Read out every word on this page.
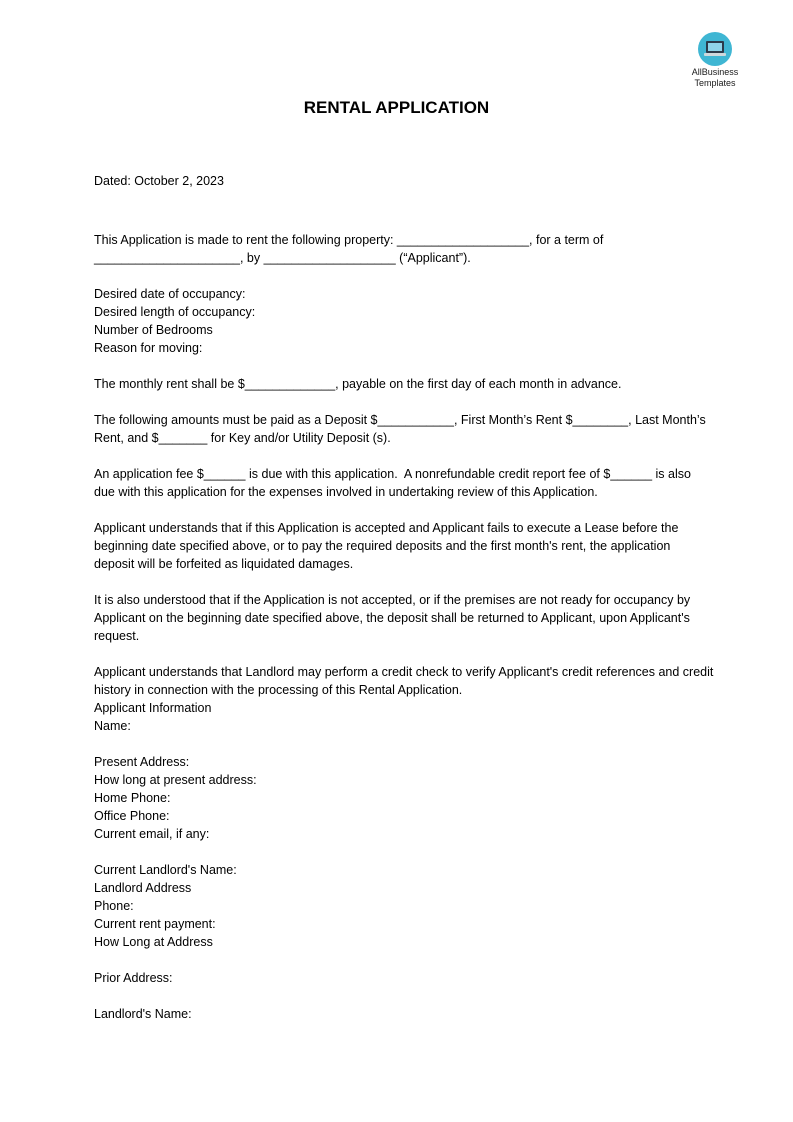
AllBusiness
Templates
RENTAL APPLICATION
Dated: October 2, 2023
This Application is made to rent the following property: ___________________, for a term of _____________________, by ___________________ (“Applicant”).
Desired date of occupancy:
Desired length of occupancy:
Number of Bedrooms
Reason for moving:
The monthly rent shall be $_____________, payable on the first day of each month in advance.
The following amounts must be paid as a Deposit $___________, First Month’s Rent $________, Last Month’s Rent, and $_______ for Key and/or Utility Deposit (s).
An application fee $______ is due with this application.  A nonrefundable credit report fee of $______ is also due with this application for the expenses involved in undertaking review of this Application.
Applicant understands that if this Application is accepted and Applicant fails to execute a Lease before the beginning date specified above, or to pay the required deposits and the first month's rent, the application deposit will be forfeited as liquidated damages.
It is also understood that if the Application is not accepted, or if the premises are not ready for occupancy by Applicant on the beginning date specified above, the deposit shall be returned to Applicant, upon Applicant's request.
Applicant understands that Landlord may perform a credit check to verify Applicant's credit references and credit history in connection with the processing of this Rental Application.
Applicant Information
Name:
Present Address:
How long at present address:
Home Phone:
Office Phone:
Current email, if any:
Current Landlord's Name:
Landlord Address
Phone:
Current rent payment:
How Long at Address
Prior Address:
Landlord's Name:
